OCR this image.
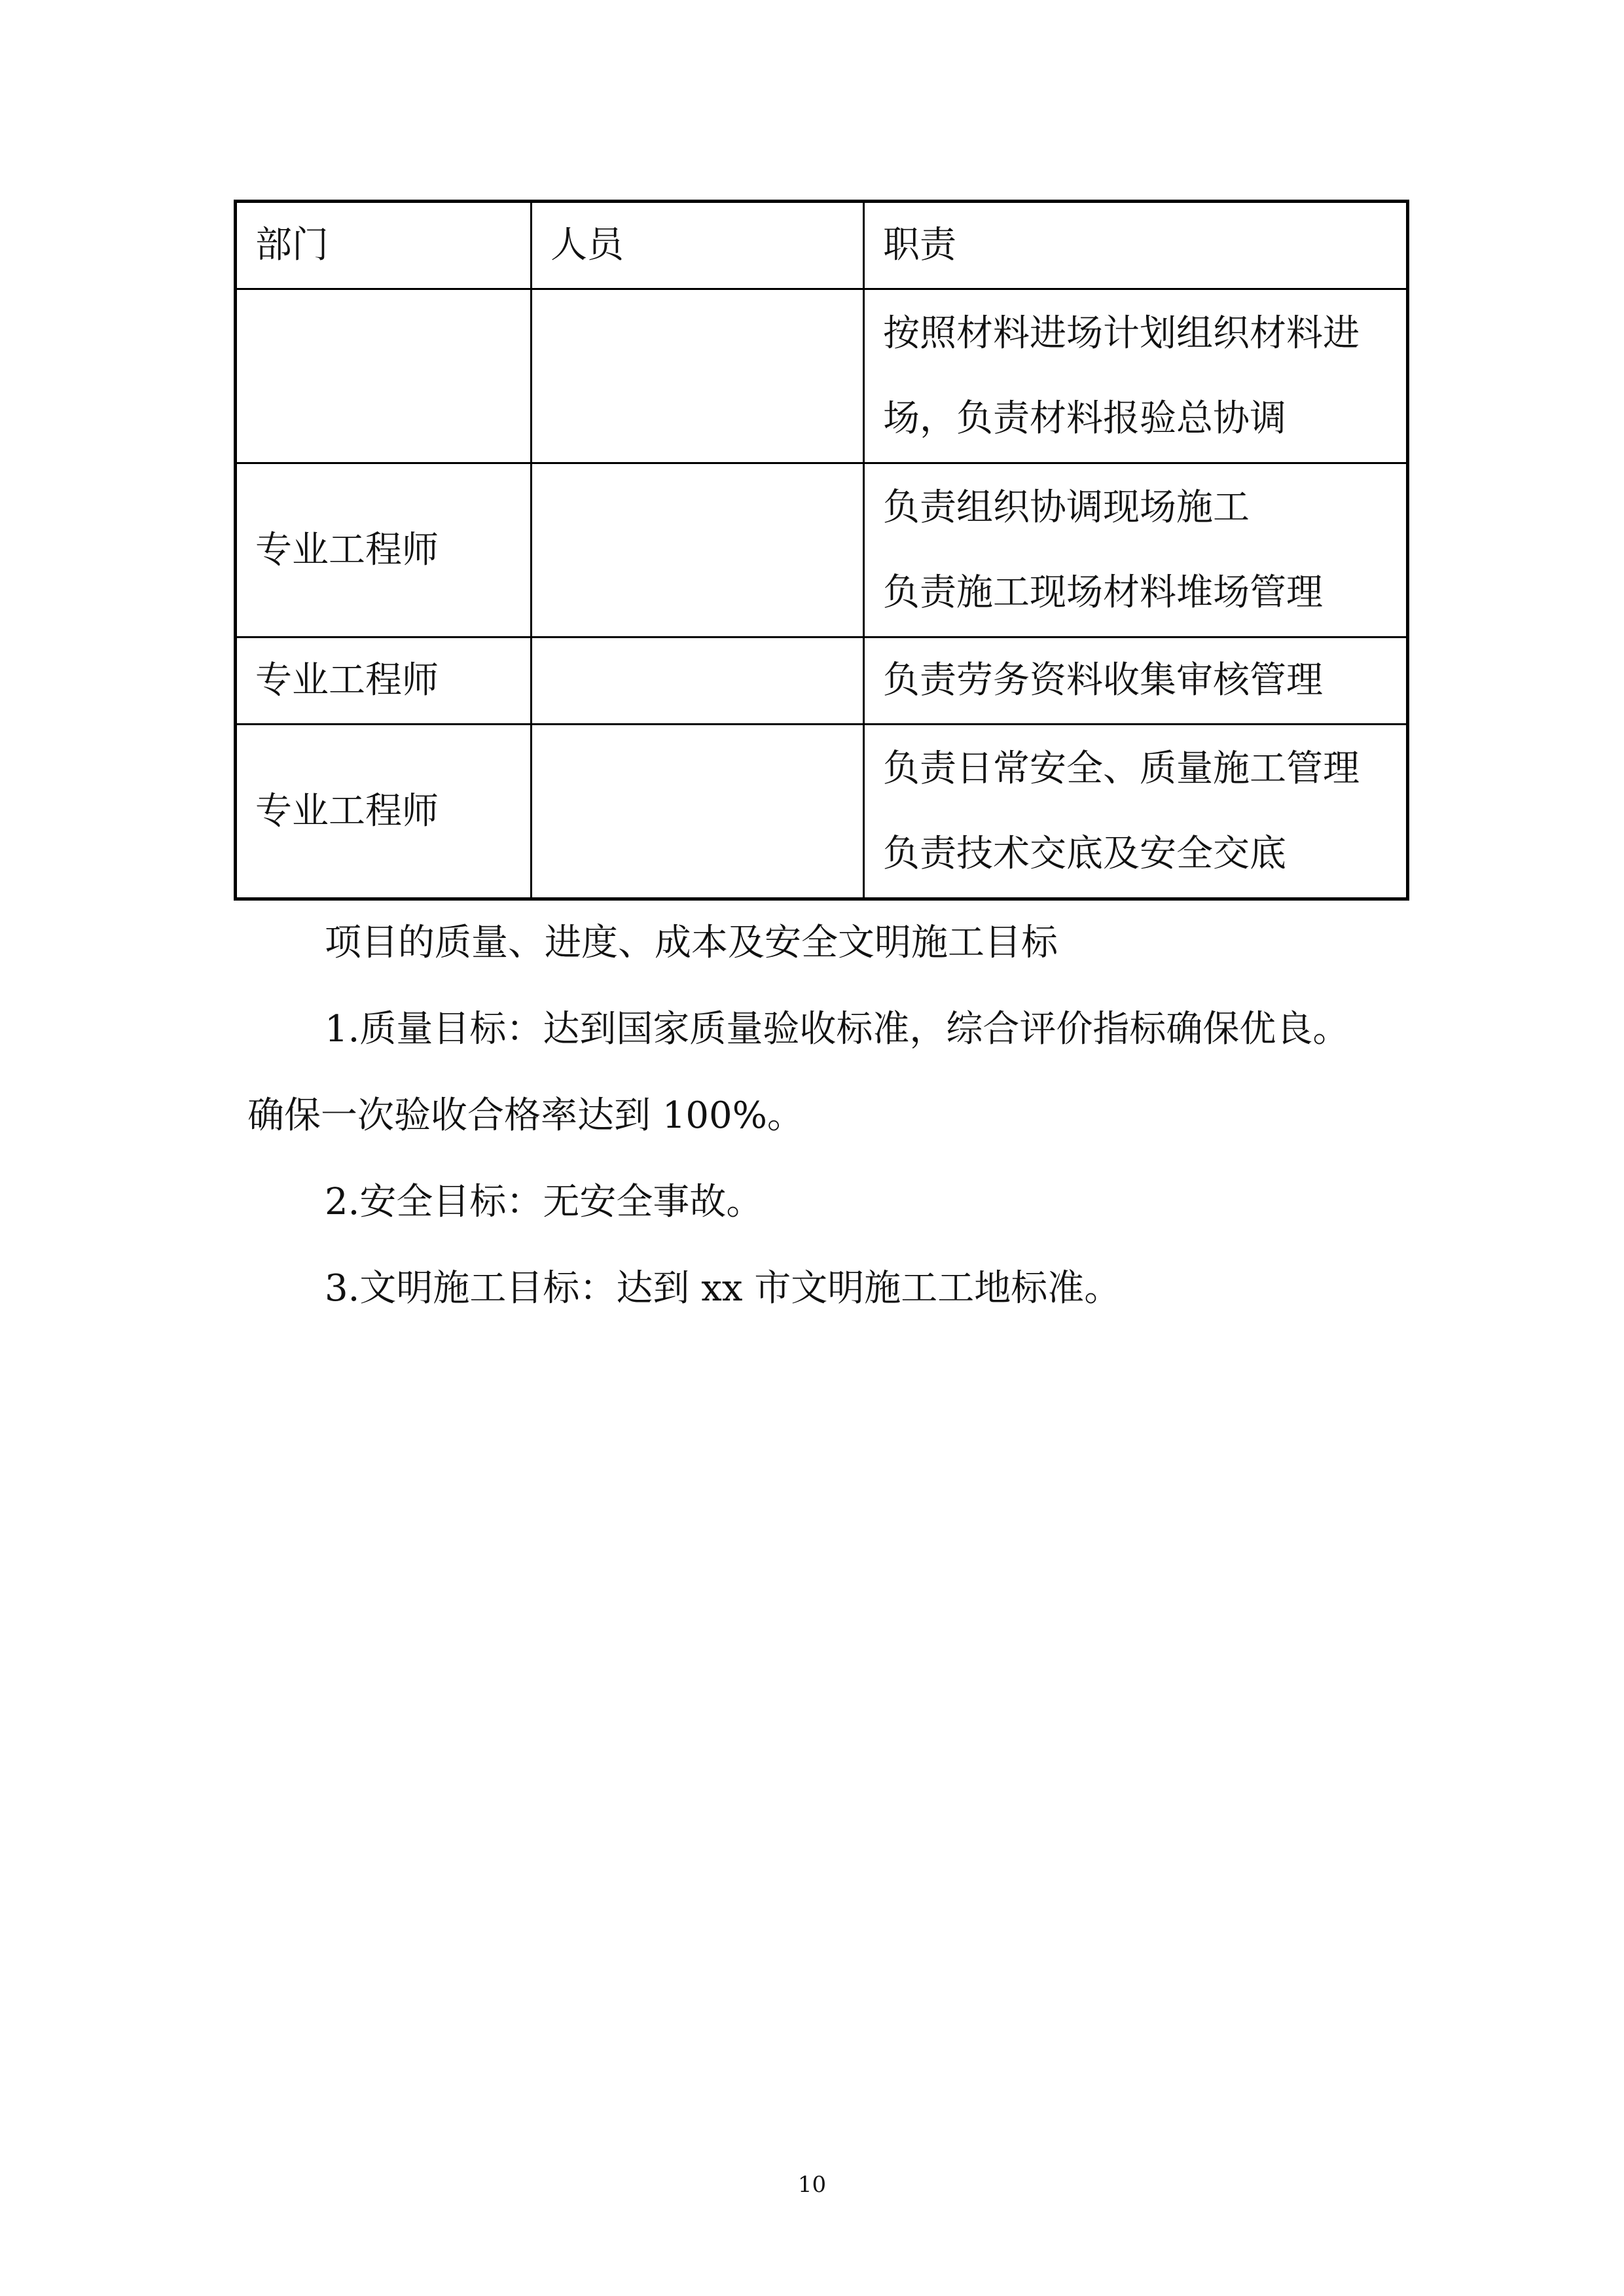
部门	人员	职责

		按照材料进场计划组织材料进
场，负责材料报验总协调

专业工程师		负责组织协调现场施工
负责施工现场材料堆场管理

专业工程师		负责劳务资料收集审核管理

专业工程师		负责日常安全、质量施工管理
负责技术交底及安全交底
项目的质量、进度、成本及安全文明施工目标
1.质量目标：达到国家质量验收标准，综合评价指标确保优良。
确保一次验收合格率达到 100%。
2.安全目标：无安全事故。
3.文明施工目标：达到 xx 市文明施工工地标准。
10
